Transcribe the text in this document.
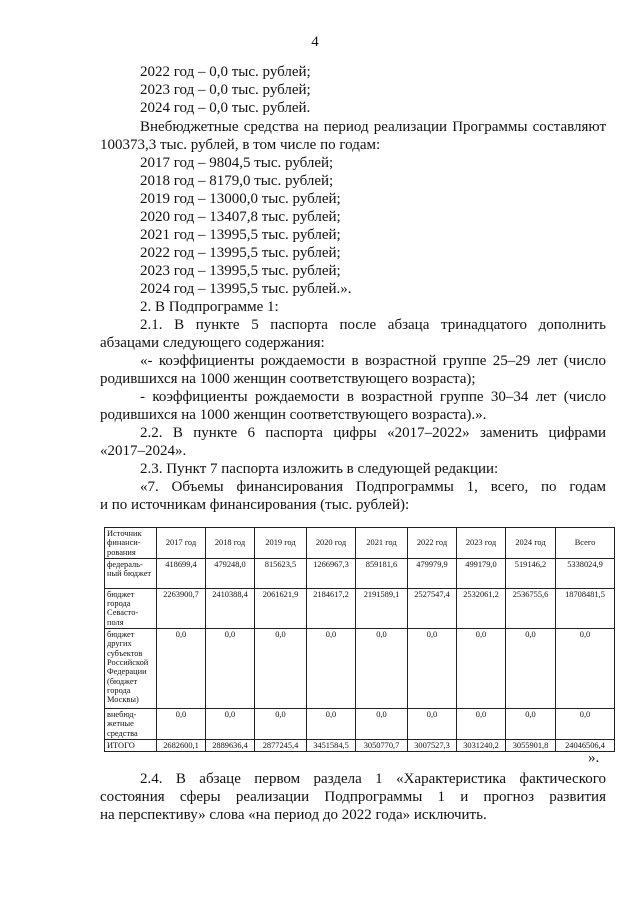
4
2022 год – 0,0 тыс. рублей;
2023 год – 0,0 тыс. рублей;
2024 год – 0,0 тыс. рублей.
Внебюджетные средства на период реализации Программы составляют
100373,3 тыс. рублей, в том числе по годам:
2017 год – 9804,5 тыс. рублей;
2018 год – 8179,0 тыс. рублей;
2019 год – 13000,0 тыс. рублей;
2020 год – 13407,8 тыс. рублей;
2021 год – 13995,5 тыс. рублей;
2022 год – 13995,5 тыс. рублей;
2023 год – 13995,5 тыс. рублей;
2024 год – 13995,5 тыс. рублей.».
2. В Подпрограмме 1:
2.1. В пункте 5 паспорта после абзаца тринадцатого дополнить
абзацами следующего содержания:
«- коэффициенты рождаемости в возрастной группе 25–29 лет (число
родившихся на 1000 женщин соответствующего возраста);
- коэффициенты рождаемости в возрастной группе 30–34 лет (число
родившихся на 1000 женщин соответствующего возраста).».
2.2. В пункте 6 паспорта цифры «2017–2022» заменить цифрами
«2017–2024».
2.3. Пункт 7 паспорта изложить в следующей редакции:
«7. Объемы финансирования Подпрограммы 1, всего, по годам
и по источникам финансирования (тыс. рублей):
Источник финанси-рования	2017 год	2018 год	2019 год	2020 год	2021 год	2022 год	2023 год	2024 год	Всего
федераль-ный бюджет	418699,4	479248,0	815623,5	1266967,3	859181,6	479979,9	499179,0	519146,2	5338024,9
бюджет города Севасто-поля	2263900,7	2410388,4	2061621,9	2184617,2	2191589,1	2527547,4	2532061,2	2536755,6	18708481,5
бюджет других субъектов Российской Федерации (бюджет города Москвы)	0,0	0,0	0,0	0,0	0,0	0,0	0,0	0,0	0,0
внебюд-жетные средства	0,0	0,0	0,0	0,0	0,0	0,0	0,0	0,0	0,0
ИТОГО	2682600,1	2889636,4	2877245,4	3451584,5	3050770,7	3007527,3	3031240,2	3055901,8	24046506,4
».
2.4. В абзаце первом раздела 1 «Характеристика фактического
состояния сферы реализации Подпрограммы 1 и прогноз развития
на перспективу» слова «на период до 2022 года» исключить.
